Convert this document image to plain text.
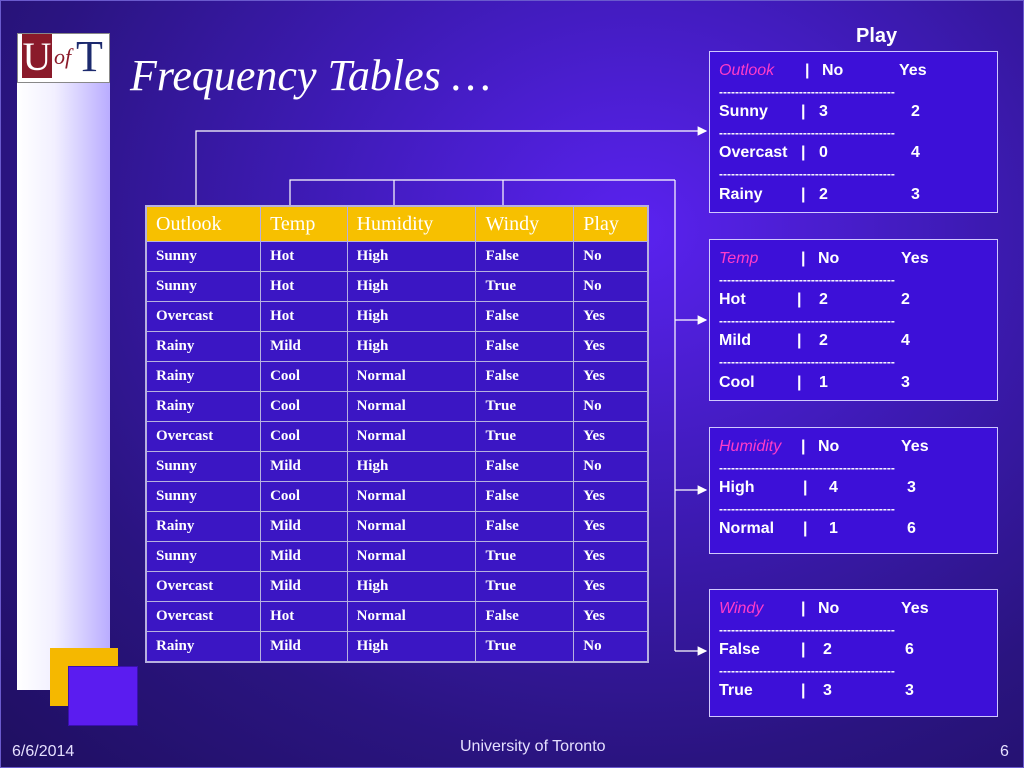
U of T Frequency Tables …
Play
Outlook	Temp	Humidity	Windy	Play
Sunny	Hot	High	False	No
Sunny	Hot	High	True	No
Overcast	Hot	High	False	Yes
Rainy	Mild	High	False	Yes
Rainy	Cool	Normal	False	Yes
Rainy	Cool	Normal	True	No
Overcast	Cool	Normal	True	Yes
Sunny	Mild	High	False	No
Sunny	Cool	Normal	False	Yes
Rainy	Mild	Normal	False	Yes
Sunny	Mild	Normal	True	Yes
Overcast	Mild	High	True	Yes
Overcast	Hot	Normal	False	Yes
Rainy	Mild	High	True	No
Outlook | No	Yes
--------------------------------------------
Sunny | 3	2
--------------------------------------------
Overcast | 0	4
--------------------------------------------
Rainy | 2	3
Temp	| No	Yes
--------------------------------------------
Hot	| 2	2
--------------------------------------------
Mild	| 2	4
--------------------------------------------
Cool	| 1	3
Humidity | No	Yes
--------------------------------------------
High	| 4	3
--------------------------------------------
Normal | 1	6
Windy | No	Yes
--------------------------------------------
False	| 2	6
--------------------------------------------
True	| 3	3
6/6/2014	University of Toronto	6
